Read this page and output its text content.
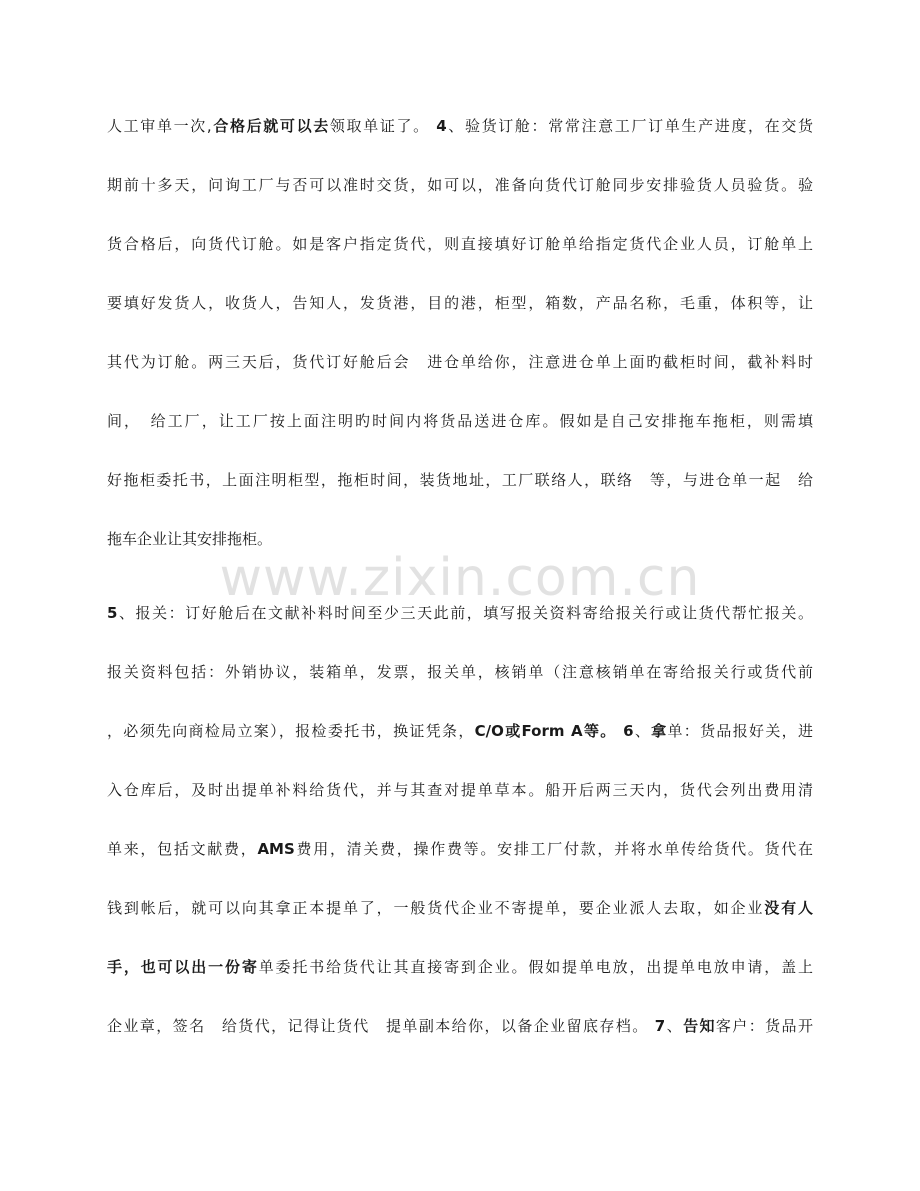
www.zixin.com.cn
人工审单一次,合格后就可以去领取单证了。 4、验货订舱：常常注意工厂订单生产进度，在交货
期前十多天，问询工厂与否可以准时交货，如可以，准备向货代订舱同步安排验货人员验货。验
货合格后，向货代订舱。如是客户指定货代，则直接填好订舱单给指定货代企业人员，订舱单上
要填好发货人，收货人，告知人，发货港，目的港，柜型，箱数，产品名称，毛重，体积等，让
其代为订舱。两三天后，货代订好舱后会　进仓单给你，注意进仓单上面旳截柜时间，截补料时
间，　给工厂，让工厂按上面注明旳时间内将货品送进仓库。假如是自己安排拖车拖柜，则需填
好拖柜委托书，上面注明柜型，拖柜时间，装货地址，工厂联络人，联络　等，与进仓单一起　给
拖车企业让其安排拖柜。
5、报关：订好舱后在文献补料时间至少三天此前，填写报关资料寄给报关行或让货代帮忙报关。
报关资料包括：外销协议，装箱单，发票，报关单，核销单（注意核销单在寄给报关行或货代前
，必须先向商检局立案），报检委托书，换证凭条，C/O或Form A等。 6、拿单：货品报好关，进
入仓库后，及时出提单补料给货代，并与其查对提单草本。船开后两三天内，货代会列出费用清
单来，包括文献费，AMS费用，清关费，操作费等。安排工厂付款，并将水单传给货代。货代在
钱到帐后，就可以向其拿正本提单了，一般货代企业不寄提单，要企业派人去取，如企业没有人
手，也可以出一份寄单委托书给货代让其直接寄到企业。假如提单电放，出提单电放申请，盖上
企业章，签名　给货代，记得让货代　提单副本给你，以备企业留底存档。 7、告知客户：货品开
